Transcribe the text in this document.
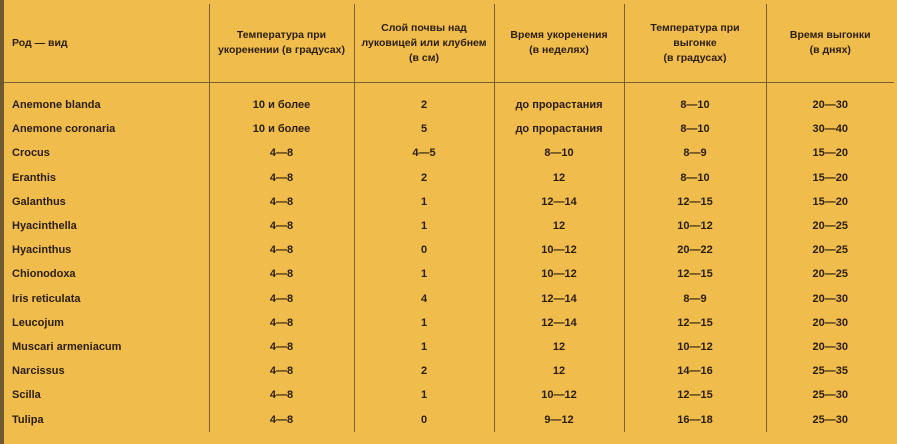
Род — вид	Температура при
укоренении (в градусах)	Слой почвы над
луковицей или клубнем
(в см)	Время укоренения
(в неделях)	Температура при выгонке
(в градусах)	Время выгонки
(в днях)

Anemone blanda	10 и более	2	до прорастания	8—10	20—30
Anemone coronaria	10 и более	5	до прорастания	8—10	30—40
Crocus	4—8	4—5	8—10	8—9	15—20
Eranthis	4—8	2	12	8—10	15—20
Galanthus	4—8	1	12—14	12—15	15—20
Hyacinthella	4—8	1	12	10—12	20—25
Hyacinthus	4—8	0	10—12	20—22	20—25
Chionodoxa	4—8	1	10—12	12—15	20—25
Iris reticulata	4—8	4	12—14	8—9	20—30
Leucojum	4—8	1	12—14	12—15	20—30
Muscari armeniacum	4—8	1	12	10—12	20—30
Narcissus	4—8	2	12	14—16	25—35
Scilla	4—8	1	10—12	12—15	25—30
Tulipa	4—8	0	9—12	16—18	25—30
